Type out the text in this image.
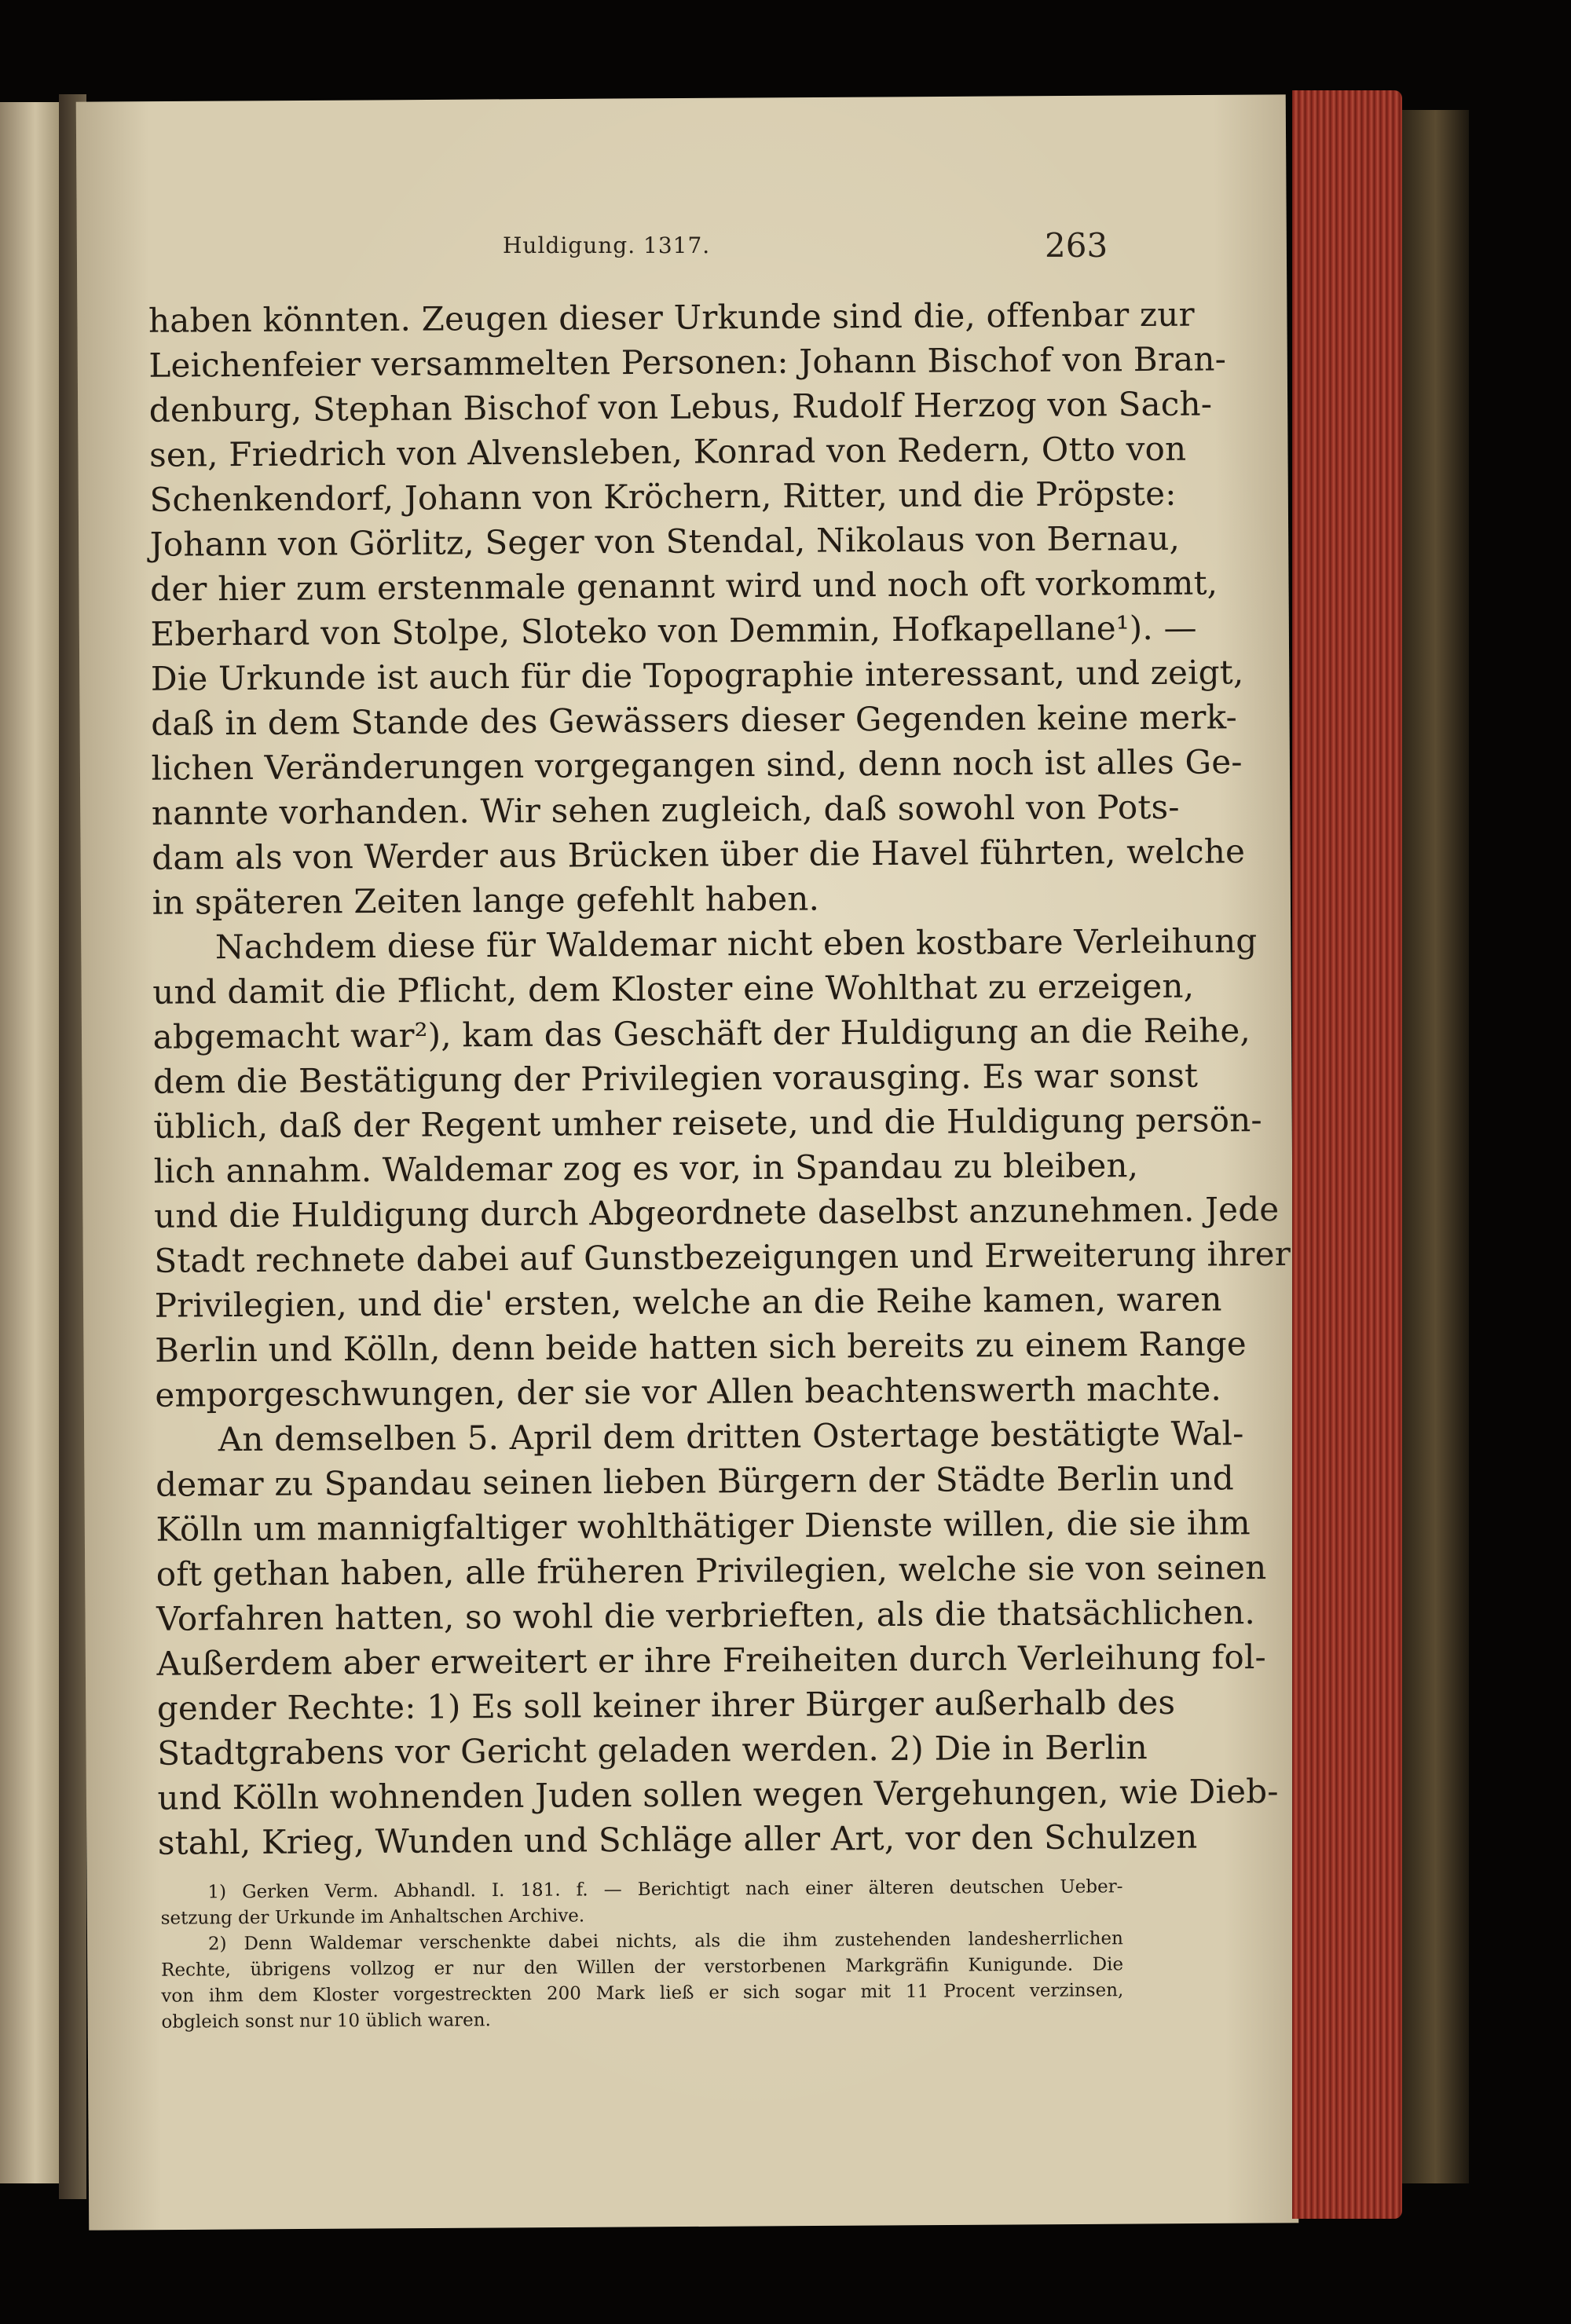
Huldigung. 1317.	263
haben könnten. Zeugen dieser Urkunde sind die, offenbar zur
Leichenfeier versammelten Personen: Johann Bischof von Bran-
denburg, Stephan Bischof von Lebus, Rudolf Herzog von Sach-
sen, Friedrich von Alvensleben, Konrad von Redern, Otto von
Schenkendorf, Johann von Kröchern, Ritter, und die Pröpste:
Johann von Görlitz, Seger von Stendal, Nikolaus von Bernau,
der hier zum erstenmale genannt wird und noch oft vorkommt,
Eberhard von Stolpe, Sloteko von Demmin, Hofkapellane¹). —
Die Urkunde ist auch für die Topographie interessant, und zeigt,
daß in dem Stande des Gewässers dieser Gegenden keine merk-
lichen Veränderungen vorgegangen sind, denn noch ist alles Ge-
nannte vorhanden. Wir sehen zugleich, daß sowohl von Pots-
dam als von Werder aus Brücken über die Havel führten, welche
in späteren Zeiten lange gefehlt haben.
Nachdem diese für Waldemar nicht eben kostbare Verleihung
und damit die Pflicht, dem Kloster eine Wohlthat zu erzeigen,
abgemacht war²), kam das Geschäft der Huldigung an die Reihe,
dem die Bestätigung der Privilegien vorausging. Es war sonst
üblich, daß der Regent umher reisete, und die Huldigung persön-
lich annahm. Waldemar zog es vor, in Spandau zu bleiben,
und die Huldigung durch Abgeordnete daselbst anzunehmen. Jede
Stadt rechnete dabei auf Gunstbezeigungen und Erweiterung ihrer
Privilegien, und die' ersten, welche an die Reihe kamen, waren
Berlin und Kölln, denn beide hatten sich bereits zu einem Range
emporgeschwungen, der sie vor Allen beachtenswerth machte.
An demselben 5. April dem dritten Ostertage bestätigte Wal-
demar zu Spandau seinen lieben Bürgern der Städte Berlin und
Kölln um mannigfaltiger wohlthätiger Dienste willen, die sie ihm
oft gethan haben, alle früheren Privilegien, welche sie von seinen
Vorfahren hatten, so wohl die verbrieften, als die thatsächlichen.
Außerdem aber erweitert er ihre Freiheiten durch Verleihung fol-
gender Rechte: 1) Es soll keiner ihrer Bürger außerhalb des
Stadtgrabens vor Gericht geladen werden. 2) Die in Berlin
und Kölln wohnenden Juden sollen wegen Vergehungen, wie Dieb-
stahl, Krieg, Wunden und Schläge aller Art, vor den Schulzen
1) Gerken Verm. Abhandl. I. 181. f. — Berichtigt nach einer älteren deutschen Ueber-
setzung der Urkunde im Anhaltschen Archive.
2) Denn Waldemar verschenkte dabei nichts, als die ihm zustehenden landesherrlichen
Rechte, übrigens vollzog er nur den Willen der verstorbenen Markgräfin Kunigunde. Die
von ihm dem Kloster vorgestreckten 200 Mark ließ er sich sogar mit 11 Procent verzinsen,
obgleich sonst nur 10 üblich waren.
